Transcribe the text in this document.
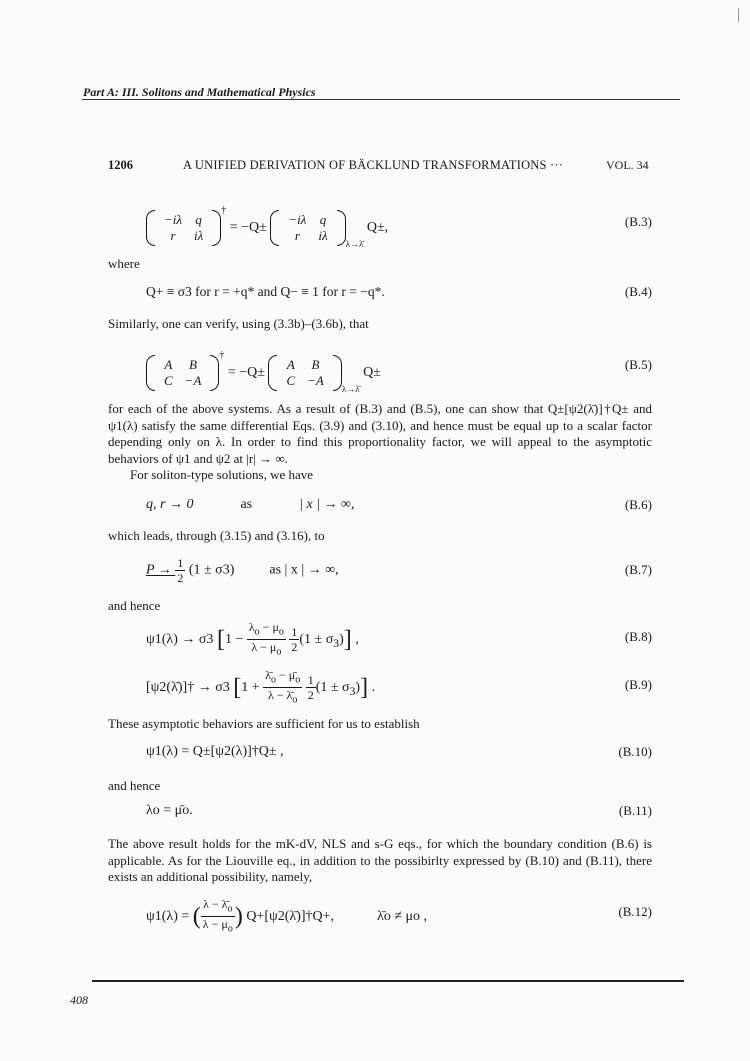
Part A: III. Solitons and Mathematical Physics
1206	A UNIFIED DERIVATION OF BÄCKLUND TRANSFORMATIONS ···	VOL. 34
−iλ	q
r	iλ
† = −Q±
−iλ	q
r	iλ
$_{\lambda\to\lambdā}$ Q±,	(B.3)
where
Q+ ≡ σ3 for r = +q* and Q− ≡ 1 for r = −q*.	(B.4)
Similarly, one can verify, using (3.3b)–(3.6b), that
A	B
C	−A
† = −Q±
A	B
C	−A
$_{\lambda\to\lambdā}$ Q±
(B.5)
for each of the above systems. As a result of (B.3) and (B.5), one can show that Q±[ψ2(λ̄)]†Q± and ψ1(λ) satisfy the same differential Eqs. (3.9) and (3.10), and hence must be equal up to a scalar factor depending only on λ. In order to find this proportionality factor, we will appeal to the asymptotic behaviors of ψ1 and ψ2 at |r| → ∞.
For soliton-type solutions, we have
q, r → 0	as	| x | → ∞,	(B.6)
which leads, through (3.15) and (3.16), to
$P \to \frac{1}{2} (1 \pm \sigma 3)$	as | x | → ∞,	(B.7)
and hence
ψ1(λ) → σ3 [$1 - \frac{\lambda_o - \mu_o}{\lambda - \mu_o}$
$\frac{1}{2} (1 \pm \sigma_3)$] ,	(B.8)
[ψ2(λ̄)]† → σ3 [$1 + \frac{\lambdā_o - \mū_o}{\lambda - \lambdā_o}$
$\frac{1}{2} (1 \pm \sigma_3)$] .	(B.9)
These asymptotic behaviors are sufficient for us to establish
ψ1(λ) = Q±[ψ2(λ)]†Q± ,	(B.10)
and hence
λo = μ̄o.	(B.11)
The above result holds for the mK-dV, NLS and s-G eqs., for which the boundary condition (B.6) is applicable. As for the Liouville eq., in addition to the possibirlty expressed by (B.10) and (B.11), there exists an additional possibility, namely,
ψ1(λ) = ( $\frac{\lambda - \lambdā_o}{\lambda - \mu_o}$ ) Q+[ψ2(λ̄)]†Q+,	λ̄o ≠ μo ,	(B.12)
408
